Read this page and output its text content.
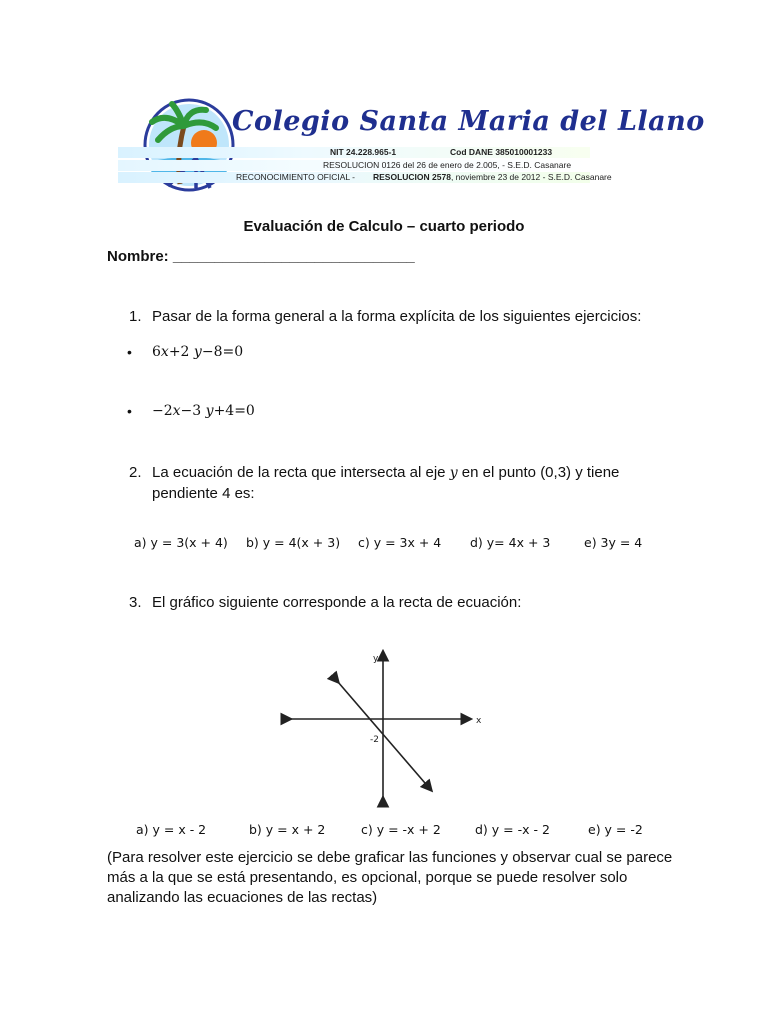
Colegio Santa Maria del Llano
NIT 24.228.965-1	Cod DANE 385010001233
RESOLUCION 0126 del 26 de enero de 2.005, - S.E.D. Casanare
RECONOCIMIENTO OFICIAL - RESOLUCION 2578, noviembre 23 de 2012 - S.E.D. Casanare
Evaluación de Calculo – cuarto periodo
Nombre: _____________________________
1. Pasar de la forma general a la forma explícita de los siguientes ejercicios:
• 6x+2 y−8=0
• −2x−3 y+4=0
2. La ecuación de la recta que intersecta al eje y en el punto (0,3) y tiene
pendiente 4 es:
a) y = 3(x + 4) b) y = 4(x + 3) c) y = 3x + 4 d) y= 4x + 3	e) 3y = 4
3. El gráfico siguiente corresponde a la recta de ecuación:
y
x
-2
a) y = x - 2	b) y = x + 2	c) y = -x + 2	d) y = -x - 2	e) y = -2
(Para resolver este ejercicio se debe graficar las funciones y observar cual se parece más a la que se está presentando, es opcional, porque se puede resolver solo analizando las ecuaciones de las rectas)
